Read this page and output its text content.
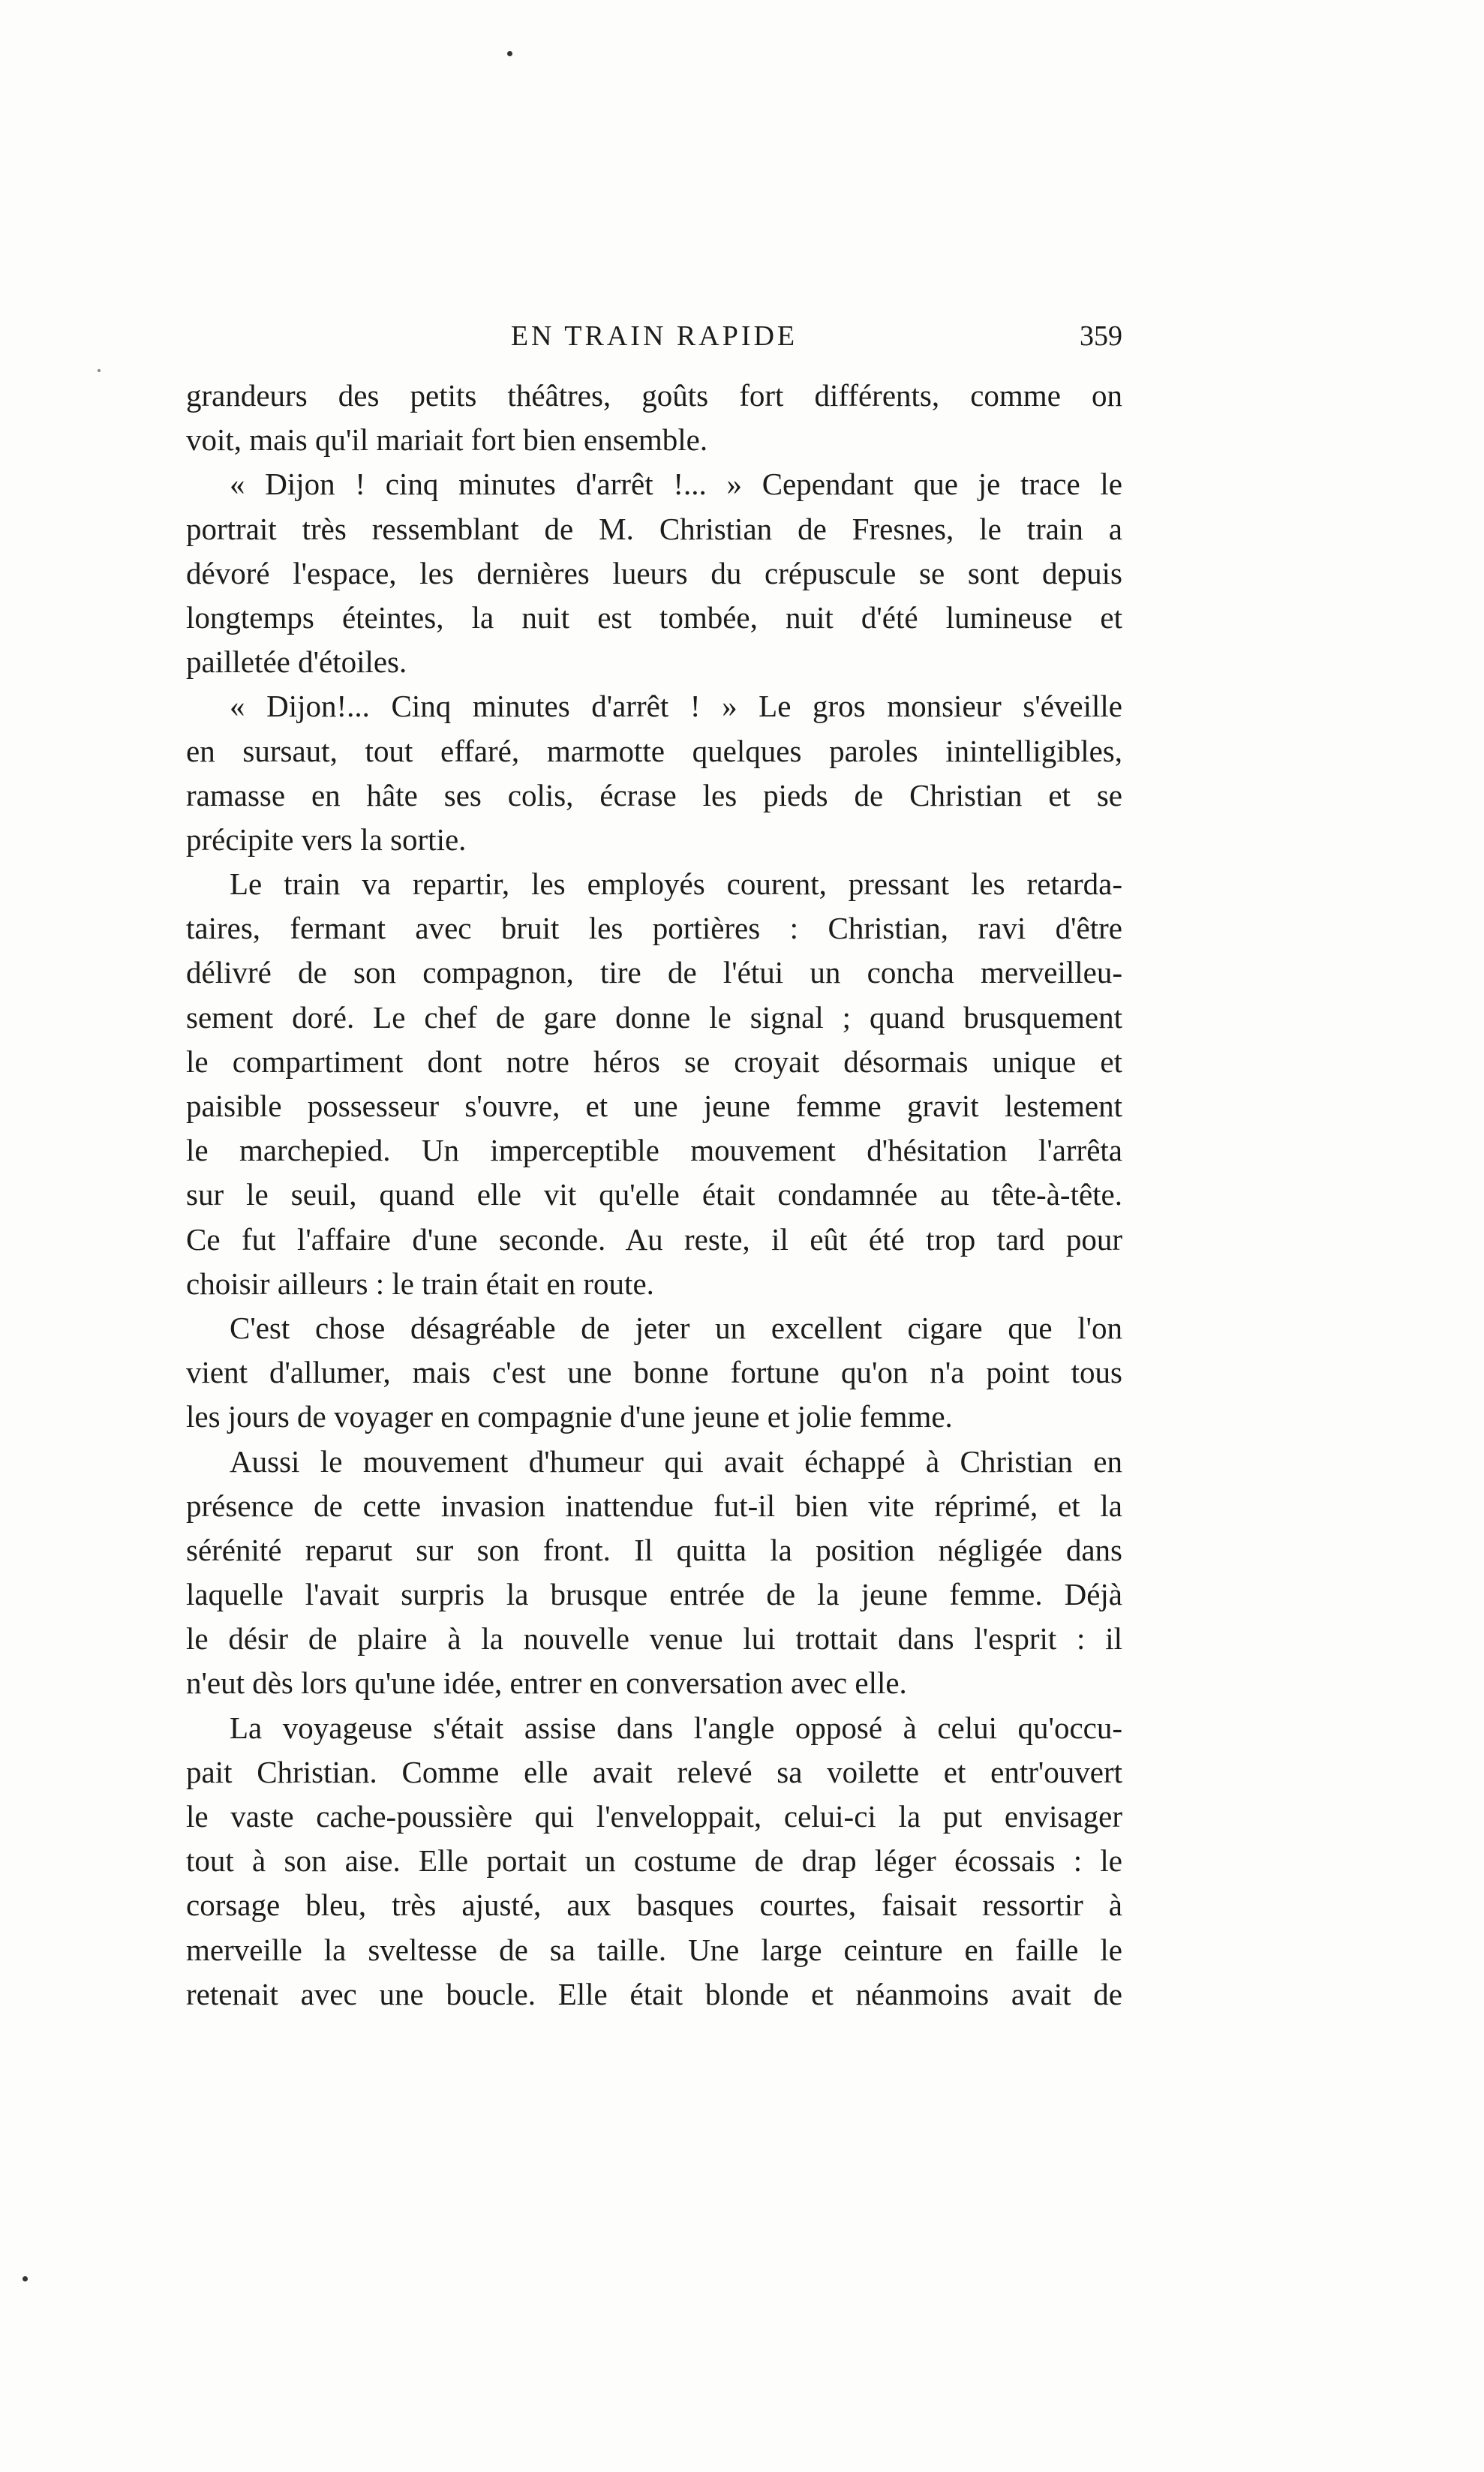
EN TRAIN RAPIDE	359
grandeurs des petits théâtres, goûts fort différents, comme on
voit, mais qu'il mariait fort bien ensemble.
« Dijon ! cinq minutes d'arrêt !... » Cependant que je trace le
portrait très ressemblant de M. Christian de Fresnes, le train a
dévoré l'espace, les dernières lueurs du crépuscule se sont depuis
longtemps éteintes, la nuit est tombée, nuit d'été lumineuse et
pailletée d'étoiles.
« Dijon!... Cinq minutes d'arrêt ! » Le gros monsieur s'éveille
en sursaut, tout effaré, marmotte quelques paroles inintelligibles,
ramasse en hâte ses colis, écrase les pieds de Christian et se
précipite vers la sortie.
Le train va repartir, les employés courent, pressant les retarda-
taires, fermant avec bruit les portières : Christian, ravi d'être
délivré de son compagnon, tire de l'étui un concha merveilleu-
sement doré. Le chef de gare donne le signal ; quand brusquement
le compartiment dont notre héros se croyait désormais unique et
paisible possesseur s'ouvre, et une jeune femme gravit lestement
le marchepied. Un imperceptible mouvement d'hésitation l'arrêta
sur le seuil, quand elle vit qu'elle était condamnée au tête-à-tête.
Ce fut l'affaire d'une seconde. Au reste, il eût été trop tard pour
choisir ailleurs : le train était en route.
C'est chose désagréable de jeter un excellent cigare que l'on
vient d'allumer, mais c'est une bonne fortune qu'on n'a point tous
les jours de voyager en compagnie d'une jeune et jolie femme.
Aussi le mouvement d'humeur qui avait échappé à Christian en
présence de cette invasion inattendue fut-il bien vite réprimé, et la
sérénité reparut sur son front. Il quitta la position négligée dans
laquelle l'avait surpris la brusque entrée de la jeune femme. Déjà
le désir de plaire à la nouvelle venue lui trottait dans l'esprit : il
n'eut dès lors qu'une idée, entrer en conversation avec elle.
La voyageuse s'était assise dans l'angle opposé à celui qu'occu-
pait Christian. Comme elle avait relevé sa voilette et entr'ouvert
le vaste cache-poussière qui l'enveloppait, celui-ci la put envisager
tout à son aise. Elle portait un costume de drap léger écossais : le
corsage bleu, très ajusté, aux basques courtes, faisait ressortir à
merveille la sveltesse de sa taille. Une large ceinture en faille le
retenait avec une boucle. Elle était blonde et néanmoins avait de
